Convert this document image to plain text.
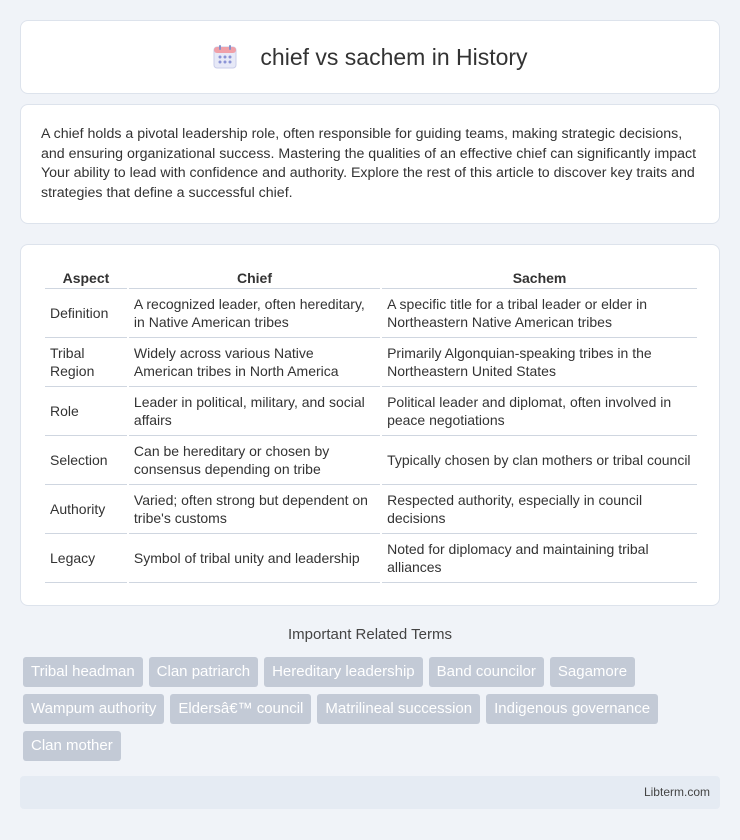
chief vs sachem in History

A chief holds a pivotal leadership role, often responsible for guiding teams, making strategic decisions, and ensuring organizational success. Mastering the qualities of an effective chief can significantly impact Your ability to lead with confidence and authority. Explore the rest of this article to discover key traits and strategies that define a successful chief.

Aspect	Chief	Sachem
Definition	A recognized leader, often hereditary, in Native American tribes	A specific title for a tribal leader or elder in Northeastern Native American tribes
Tribal Region	Widely across various Native American tribes in North America	Primarily Algonquian-speaking tribes in the Northeastern United States
Role	Leader in political, military, and social affairs	Political leader and diplomat, often involved in peace negotiations
Selection	Can be hereditary or chosen by consensus depending on tribe	Typically chosen by clan mothers or tribal council
Authority	Varied; often strong but dependent on tribe's customs	Respected authority, especially in council decisions
Legacy	Symbol of tribal unity and leadership	Noted for diplomacy and maintaining tribal alliances
Important Related Terms
Tribal headman	Clan patriarch	Hereditary leadership	Band councilor	Sagamore
Wampum authority	Eldersâ€™ council	Matrilineal succession	Indigenous governance
Clan mother
Libterm.com
